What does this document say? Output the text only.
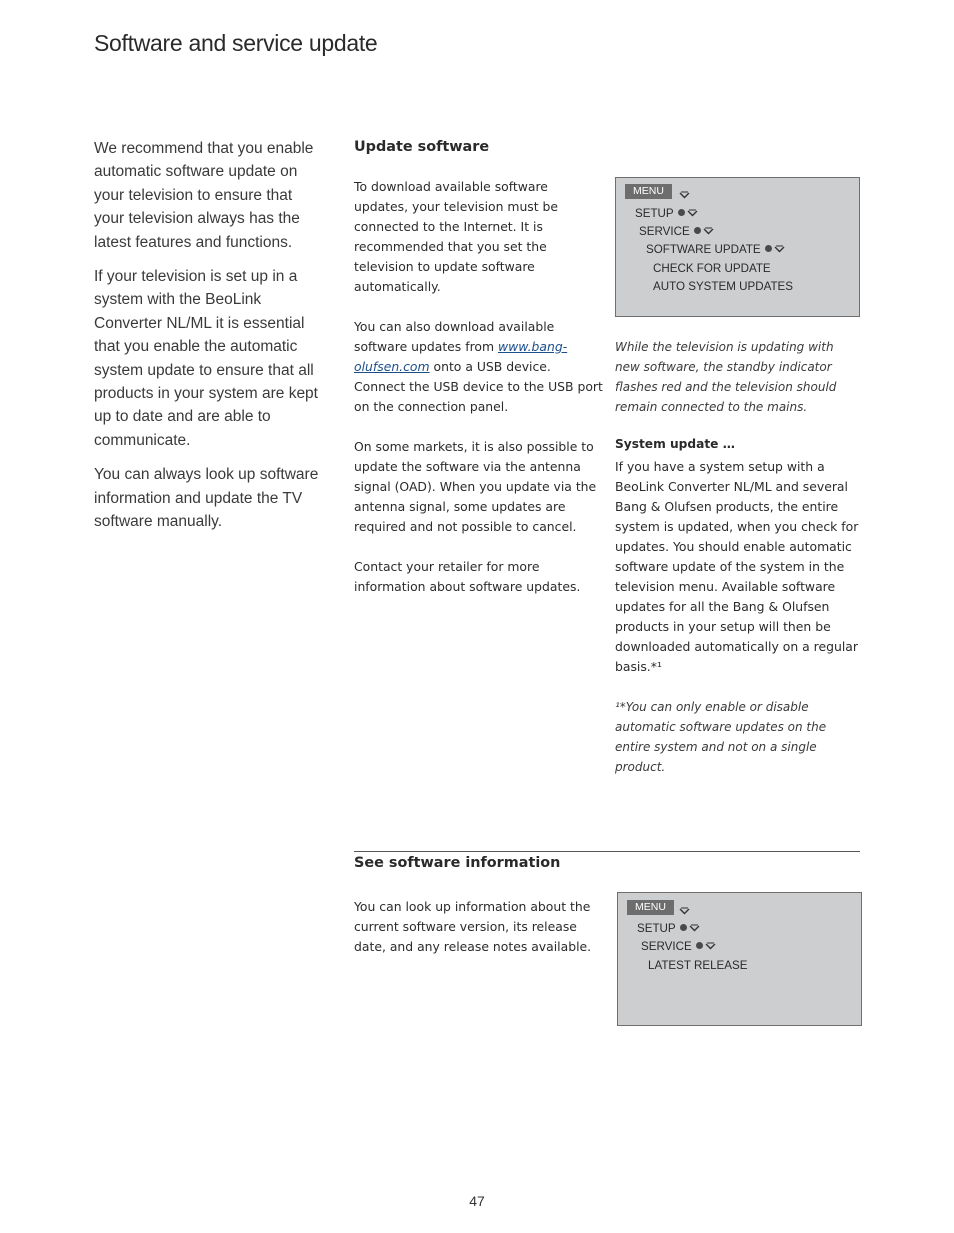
Software and service update

We recommend that you enable automatic software update on your television to ensure that your television always has the latest features and functions.

If your television is set up in a system with the BeoLink Converter NL/ML it is essential that you enable the automatic system update to ensure that all products in your system are kept up to date and are able to communicate.

You can always look up software information and update the TV software manually.

Update software

To download available software updates, your television must be connected to the Internet. It is recommended that you set the television to update software automatically.

You can also download available software updates from www.bang-olufsen.com onto a USB device. Connect the USB device to the USB port on the connection panel.

On some markets, it is also possible to update the software via the antenna signal (OAD). When you update via the antenna signal, some updates are required and not possible to cancel.

Contact your retailer for more information about software updates.

MENU
SETUP
SERVICE
SOFTWARE UPDATE
CHECK FOR UPDATE
AUTO SYSTEM UPDATES
While the television is updating with new software, the standby indicator flashes red and the television should remain connected to the mains.
System update …
If you have a system setup with a BeoLink Converter NL/ML and several Bang & Olufsen products, the entire system is updated, when you check for updates. You should enable automatic software update of the system in the television menu. Available software updates for all the Bang & Olufsen products in your setup will then be downloaded automatically on a regular basis.*¹
¹*You can only enable or disable automatic software updates on the entire system and not on a single product.
See software information

You can look up information about the current software version, its release date, and any release notes available.

MENU
SETUP
SERVICE
LATEST RELEASE
47
